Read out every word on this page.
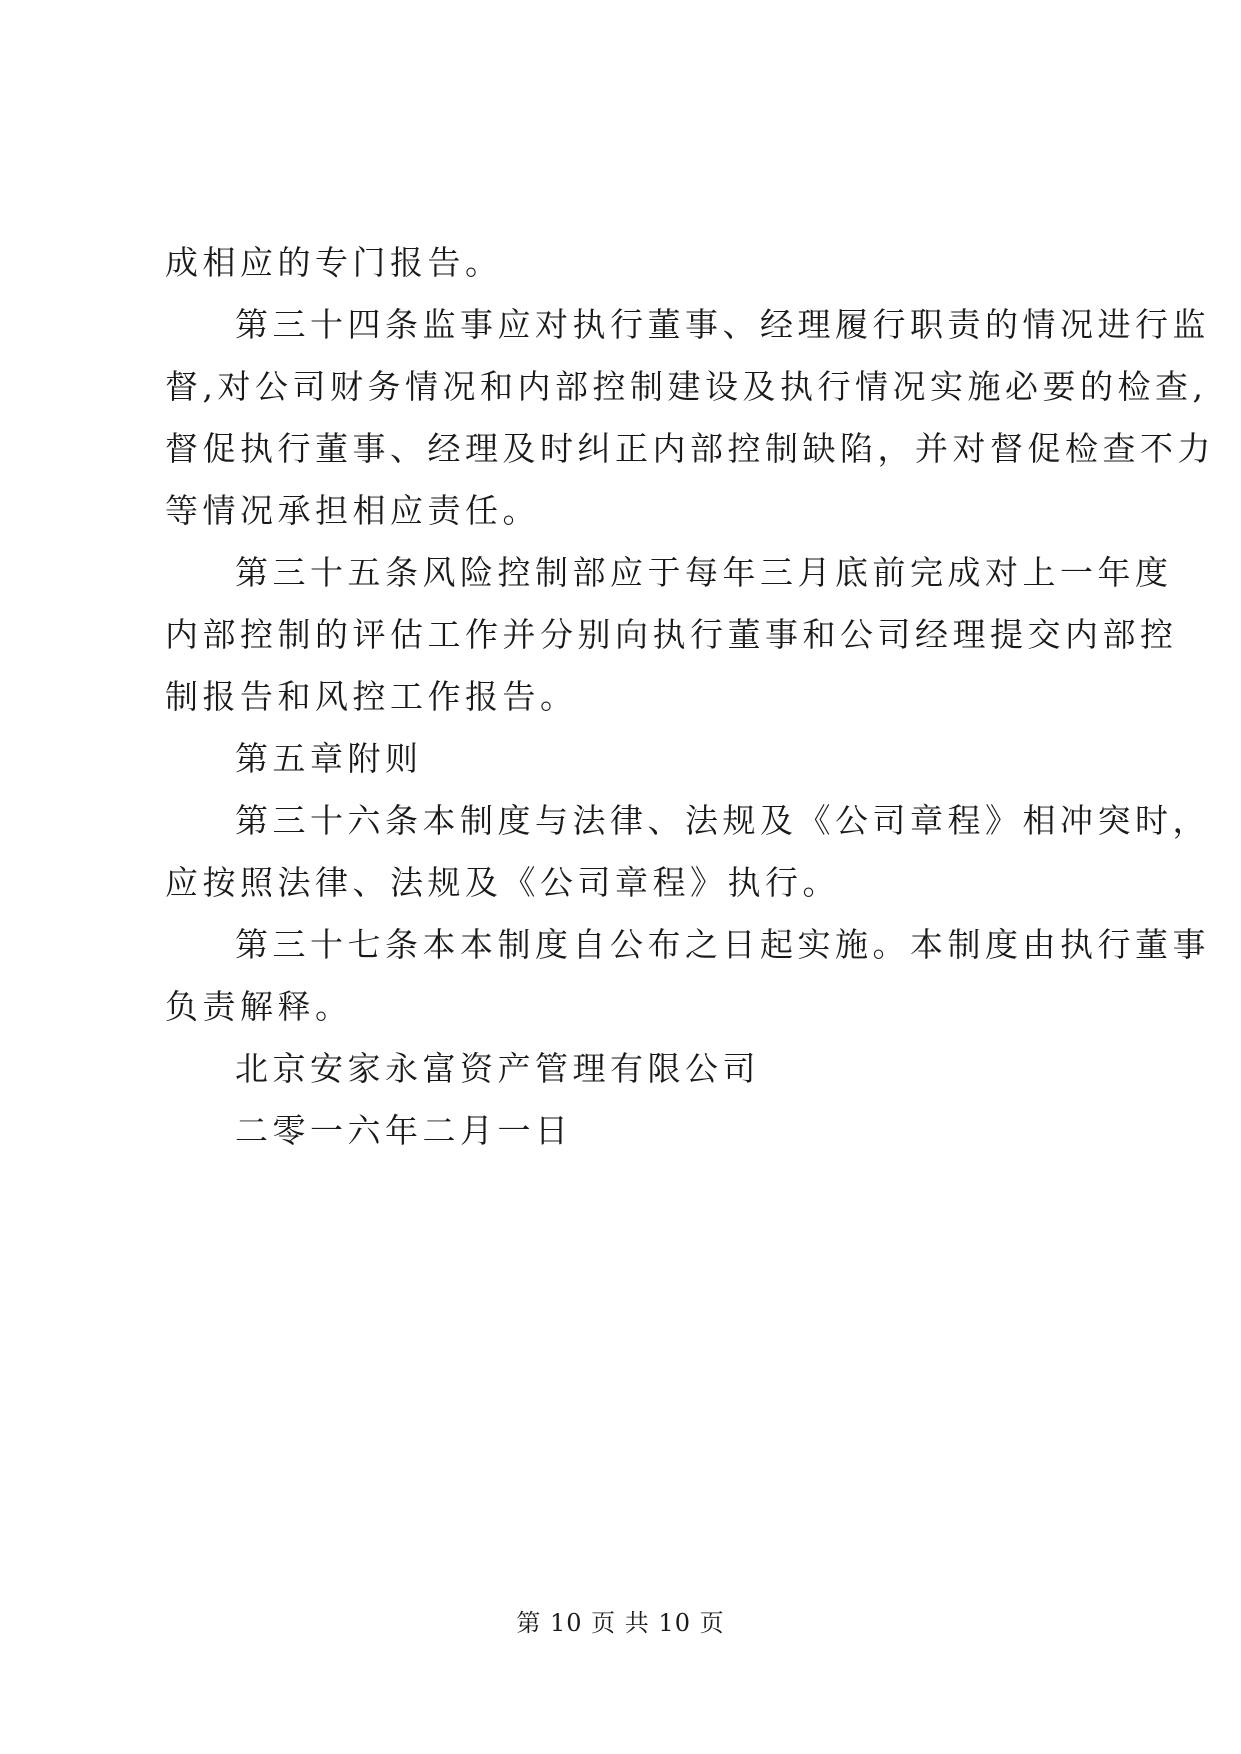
成相应的专门报告。
第三十四条监事应对执行董事、经理履行职责的情况进行监
督,对公司财务情况和内部控制建设及执行情况实施必要的检查,
督促执行董事、经理及时纠正内部控制缺陷，并对督促检查不力
等情况承担相应责任。
第三十五条风险控制部应于每年三月底前完成对上一年度
内部控制的评估工作并分别向执行董事和公司经理提交内部控
制报告和风控工作报告。
第五章附则
第三十六条本制度与法律、法规及《公司章程》相冲突时，
应按照法律、法规及《公司章程》执行。
第三十七条本本制度自公布之日起实施。本制度由执行董事
负责解释。
北京安家永富资产管理有限公司
二零一六年二月一日
第 10 页 共 10 页
